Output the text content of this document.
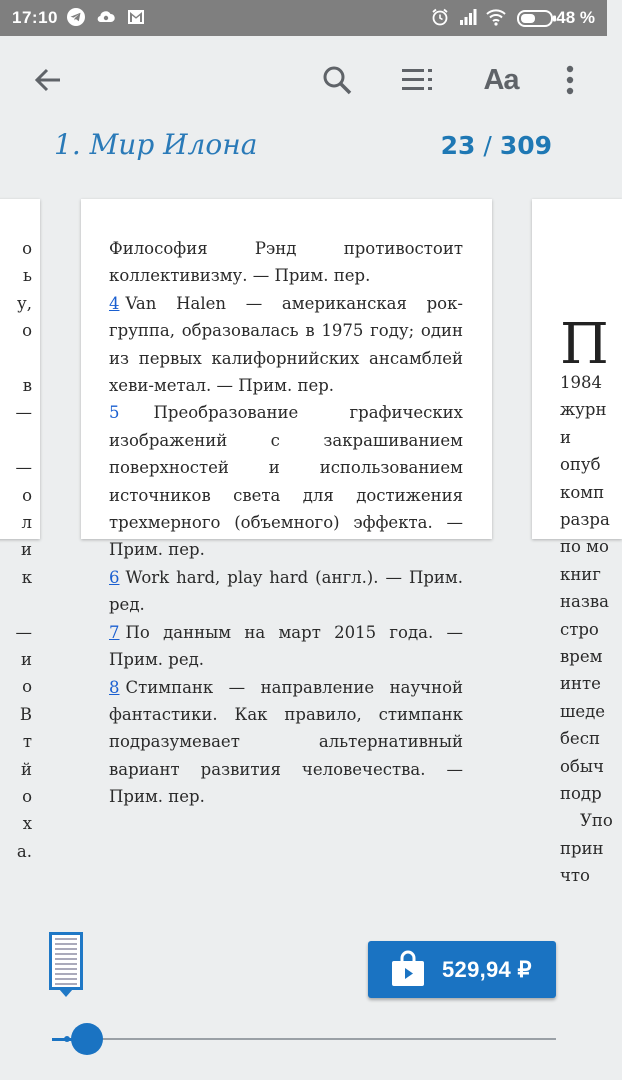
17:10	48 %
Aa
1. Мир Илона	23 / 309
о
ь
у,
о
в
—
—
о
л
и
к
—
и
о
В
т
й
о
х
а.

Философия Рэнд противостоит коллективизму. — Прим. пер.

4 Van Halen — американская рок-группа, образовалась в 1975 году; один из первых калифорнийских ансамблей хеви-метал. — Прим. пер.

5 Преобразование графических изображений с закрашиванием поверхностей и использованием источников света для достижения трехмерного (объемного) эффекта. — Прим. пер.

6 Work hard, play hard (англ.). — Прим. ред.

7 По данным на март 2015 года. — Прим. ред.

8 Стимпанк — направление научной фантастики. Как правило, стимпанк подразумевает альтернативный вариант развития человечества. — Прим. пер.

П
1984
журн
и
опуб
комп
разра
по мо
книг
назва
стро
врем
инте
шеде
бесп
обыч
подр
Упо
прин
что
529,94 ₽
